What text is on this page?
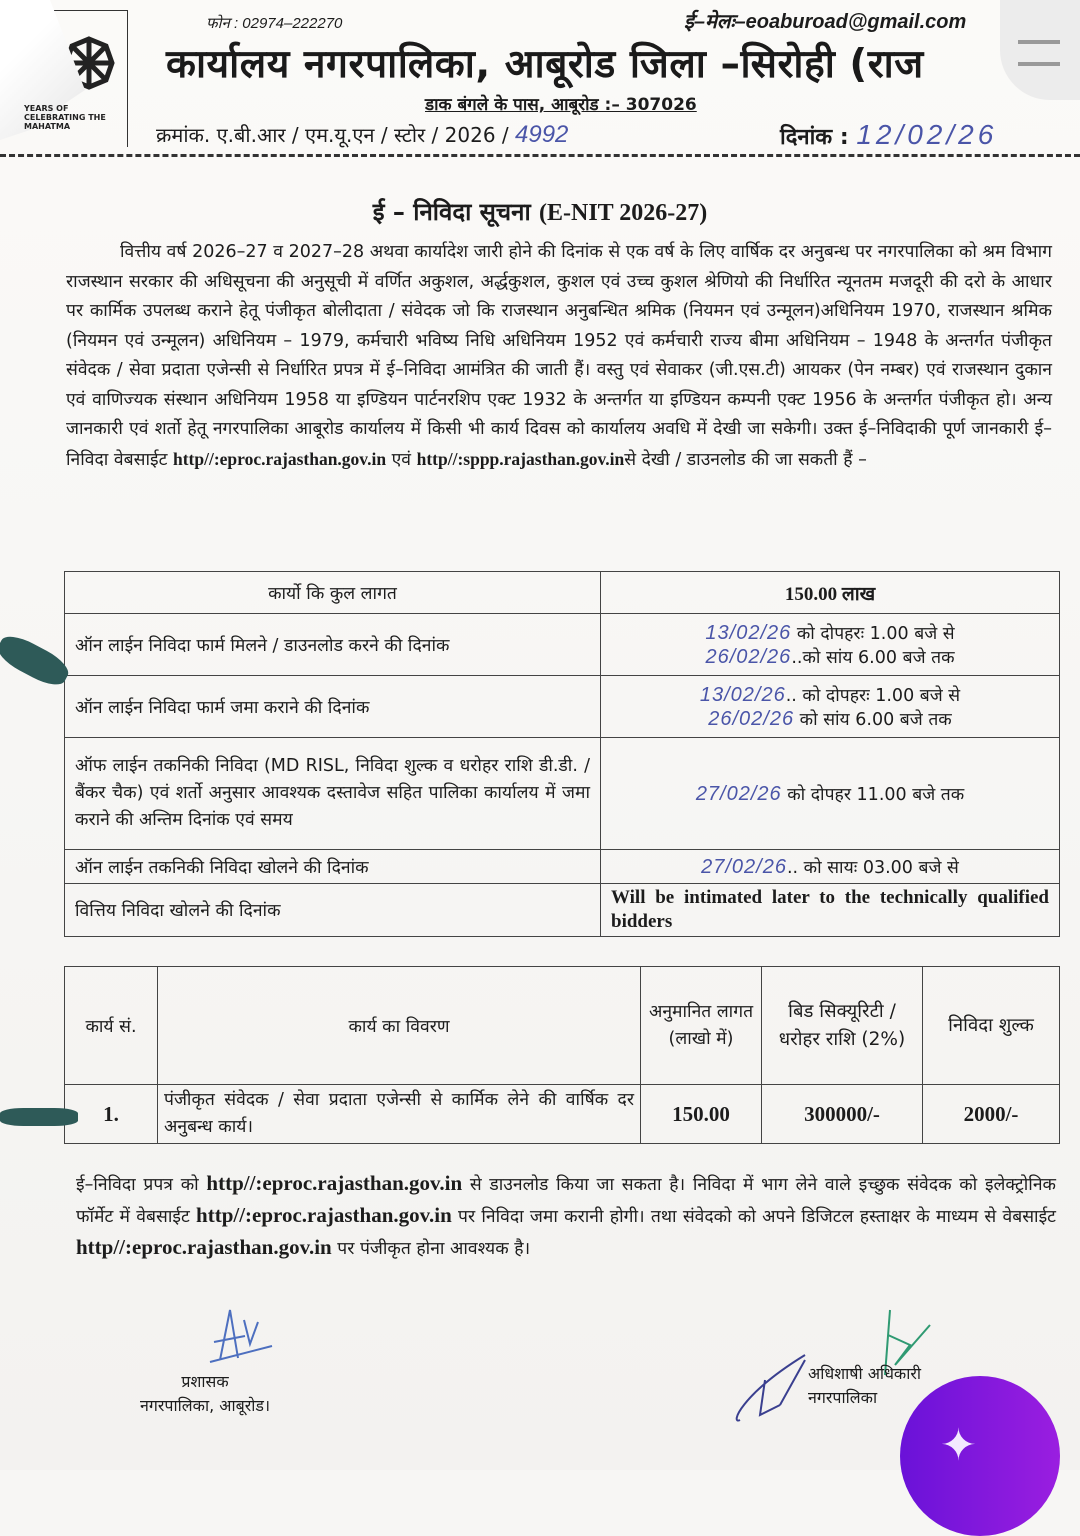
YEARS OF CELEBRATING THE MAHATMA
फोन : 02974–222270	ई–मेलः–eoaburoad@gmail.com
कार्यालय नगरपालिका, आबूरोड जिला –सिरोही (राज
डाक बंगले के पास, आबूरोड :– 307026
क्रमांक. ए.बी.आर / एम.यू.एन / स्टोर / 2026 / 4992	दिनांक : 12/02/26
ई – निविदा सूचना (E-NIT 2026-27)
वित्तीय वर्ष 2026–27 व 2027–28 अथवा कार्यादेश जारी होने की दिनांक से एक वर्ष के लिए वार्षिक दर अनुबन्ध पर नगरपालिका को श्रम विभाग राजस्थान सरकार की अधिसूचना की अनुसूची में वर्णित अकुशल, अर्द्धकुशल, कुशल एवं उच्च कुशल श्रेणियो की निर्धारित न्यूनतम मजदूरी की दरो के आधार पर कार्मिक उपलब्ध कराने हेतू पंजीकृत बोलीदाता / संवेदक जो कि राजस्थान अनुबन्धित श्रमिक (नियमन एवं उन्मूलन)अधिनियम 1970, राजस्थान श्रमिक (नियमन एवं उन्मूलन) अधिनियम – 1979, कर्मचारी भविष्य निधि अधिनियम 1952 एवं कर्मचारी राज्य बीमा अधिनियम – 1948 के अन्तर्गत पंजीकृत संवेदक / सेवा प्रदाता एजेन्सी से निर्धारित प्रपत्र में ई–निविदा आमंत्रित की जाती हैं। वस्तु एवं सेवाकर (जी.एस.टी) आयकर (पेन नम्बर) एवं राजस्थान दुकान एवं वाणिज्यक संस्थान अधिनियम 1958 या इण्डियन पार्टनरशिप एक्ट 1932 के अन्तर्गत या इण्डियन कम्पनी एक्ट 1956 के अन्तर्गत पंजीकृत हो। अन्य जानकारी एवं शर्तो हेतू नगरपालिका आबूरोड कार्यालय में किसी भी कार्य दिवस को कार्यालय अवधि में देखी जा सकेगी। उक्त ई–निविदाकी पूर्ण जानकारी ई–निविदा वेबसाईट http//:eproc.rajasthan.gov.in एवं http//:sppp.rajasthan.gov.inसे देखी / डाउनलोड की जा सकती हैं –
कार्यो कि कुल लागत	150.00 लाख
ऑन लाईन निविदा फार्म मिलने / डाउनलोड करने की दिनांक	13/02/26 को दोपहरः 1.00 बजे से
26/02/26..को सांय 6.00 बजे तक
ऑन लाईन निविदा फार्म जमा कराने की दिनांक	13/02/26.. को दोपहरः 1.00 बजे से
26/02/26 को सांय 6.00 बजे तक
ऑफ लाईन तकनिकी निविदा (MD RISL, निविदा शुल्क व धरोहर राशि डी.डी. / बैंकर चैक) एवं शर्तो अनुसार आवश्यक दस्तावेज सहित पालिका कार्यालय में जमा कराने की अन्तिम दिनांक एवं समय	27/02/26 को दोपहर 11.00 बजे तक
ऑन लाईन तकनिकी निविदा खोलने की दिनांक	27/02/26.. को सायः 03.00 बजे से
वित्तिय निविदा खोलने की दिनांक	Will be intimated later to the technically qualified bidders
कार्य सं.	कार्य का विवरण	अनुमानित लागत (लाखो में)	बिड सिक्यूरिटी / धरोहर राशि (2%)	निविदा शुल्क
1.	पंजीकृत संवेदक / सेवा प्रदाता एजेन्सी से कार्मिक लेने की वार्षिक दर अनुबन्ध कार्य।	150.00	300000/-	2000/-
ई–निविदा प्रपत्र को http//:eproc.rajasthan.gov.in से डाउनलोड किया जा सकता है। निविदा में भाग लेने वाले इच्छुक संवेदक को इलेक्ट्रोनिक फॉर्मेट में वेबसाईट http//:eproc.rajasthan.gov.in पर निविदा जमा करानी होगी। तथा संवेदको को अपने डिजिटल हस्ताक्षर के माध्यम से वेबसाईट http//:eproc.rajasthan.gov.in पर पंजीकृत होना आवश्यक है।
प्रशासक
नगरपालिका, आबूरोड।
अधिशाषी अधिकारी
नगरपालिका
✦
